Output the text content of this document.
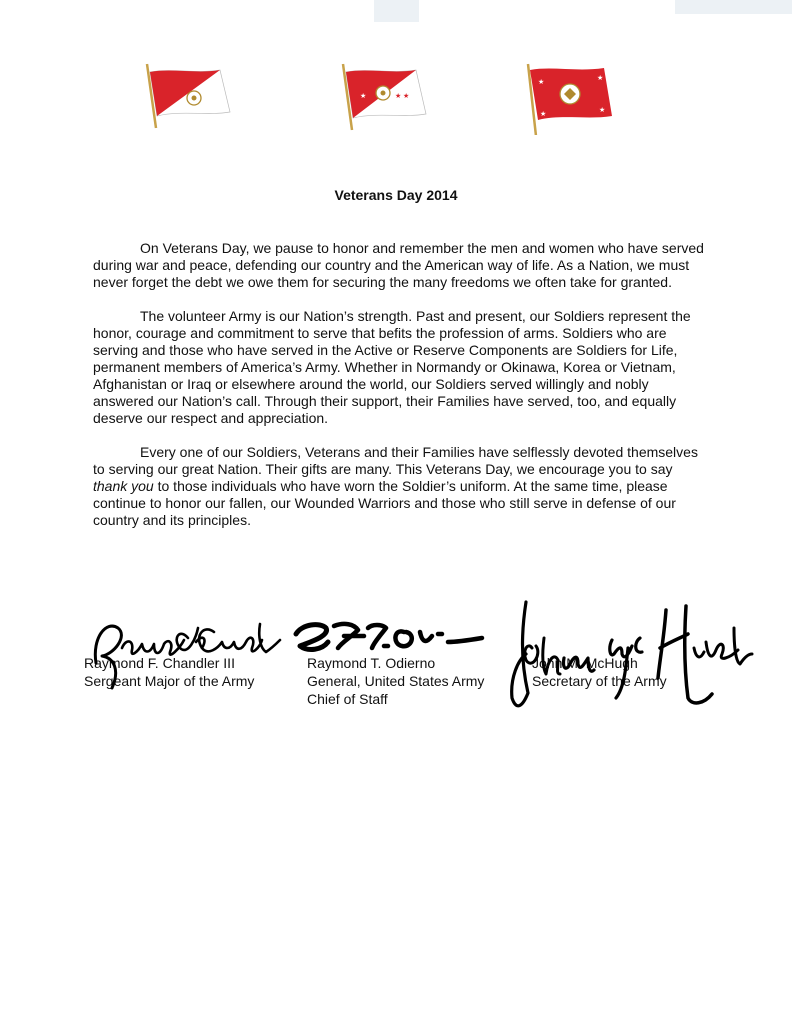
★	★ ★
★
★
★
★
Veterans Day 2014

On Veterans Day, we pause to honor and remember the men and women who have served during war and peace, defending our country and the American way of life. As a Nation, we must never forget the debt we owe them for securing the many freedoms we often take for granted.

The volunteer Army is our Nation’s strength. Past and present, our Soldiers represent the honor, courage and commitment to serve that befits the profession of arms. Soldiers who are serving and those who have served in the Active or Reserve Components are Soldiers for Life, permanent members of America’s Army. Whether in Normandy or Okinawa, Korea or Vietnam, Afghanistan or Iraq or elsewhere around the world, our Soldiers served willingly and nobly answered our Nation’s call. Through their support, their Families have served, too, and equally deserve our respect and appreciation.

Every one of our Soldiers, Veterans and their Families have selflessly devoted themselves to serving our great Nation. Their gifts are many. This Veterans Day, we encourage you to say thank you to those individuals who have worn the Soldier’s uniform. At the same time, please continue to honor our fallen, our Wounded Warriors and those who still serve in defense of our country and its principles.

Raymond F. Chandler III
Sergeant Major of the Army
Raymond T. Odierno
General, United States Army
Chief of Staff
John M. McHugh
Secretary of the Army
